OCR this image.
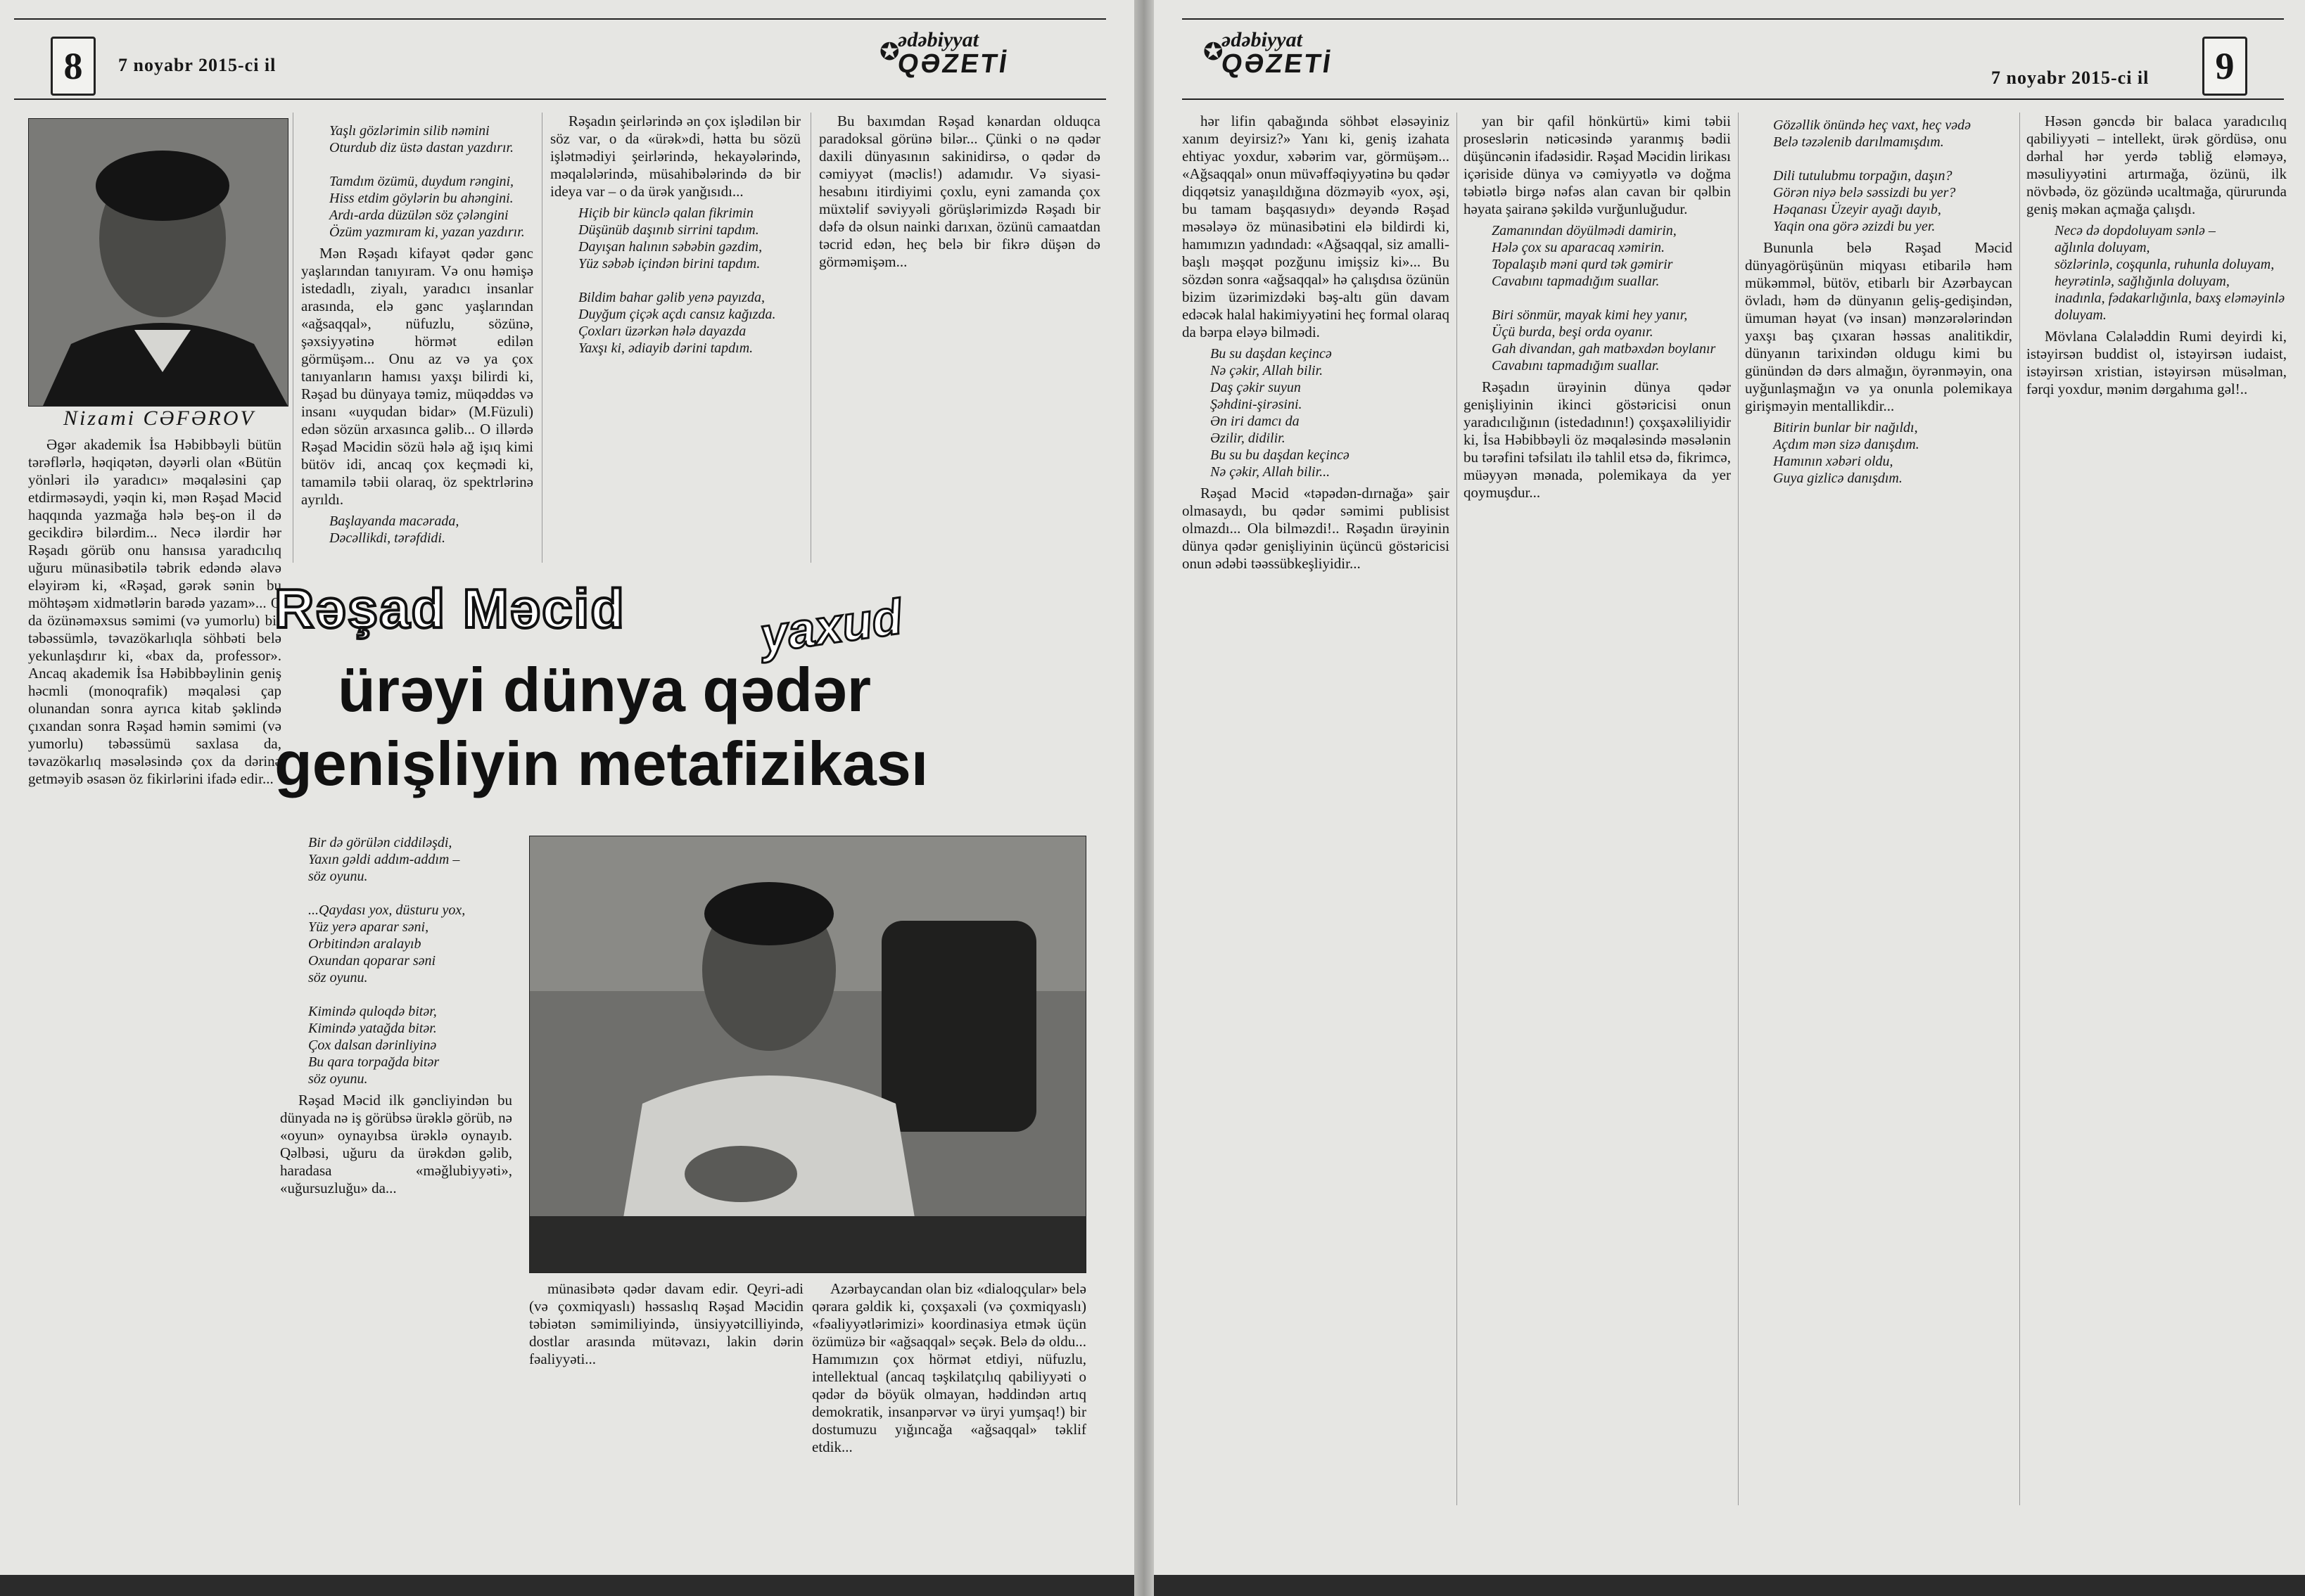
8	7 noyabr 2015-ci il	✪
ədəbiyyat
QƏZETİ
Nizami CƏFƏROV

Əgər akademik İsa Həbibbəyli bütün tərəflərlə, həqiqətən, dəyərli olan «Bütün yönləri ilə yaradıcı» məqaləsini çap etdirməsəydi, yəqin ki, mən Rəşad Məcid haqqında yazmağa hələ beş-on il də gecikdirə bilərdim... Necə ilərdir hər Rəşadı görüb onu hansısa yaradıcılıq uğuru münasibətilə təbrik edəndə əlavə eləyirəm ki, «Rəşad, gərək sənin bu möhtəşəm xidmətlərin barədə yazam»... O da özünəməxsus səmimi (və yumorlu) bir təbəssümlə, təvazökarlıqla söhbəti belə yekunlaşdırır ki, «bax da, professor». Ancaq akademik İsa Həbibbəylinin geniş həcmli (monoqrafik) məqaləsi çap olunandan sonra ayrıca kitab şəklində çıxandan sonra Rəşad həmin səmimi (və yumorlu) təbəssümü saxlasa da, təvazökarlıq məsələsində çox da dərinə getməyib əsasən öz fikirlərini ifadə edir...

Yaşlı gözlərimin silib nəmini
Oturdub diz üstə dastan yazdırır.

Tamdım özümü, duydum rəngini,
Hiss etdim göylərin bu ahəngini.
Ardı-arda düzülən söz çələngini
Özüm yazmıram ki, yazan yazdırır.

Mən Rəşadı kifayət qədər gənc yaşlarından tanıyıram. Və onu həmişə istedadlı, ziyalı, yaradıcı insanlar arasında, elə gənc yaşlarından «ağsaqqal», nüfuzlu, sözünə, şəxsiyyətinə hörmət edilən görmüşəm... Onu az və ya çox tanıyanların hamısı yaxşı bilirdi ki, Rəşad bu dünyaya təmiz, müqəddəs və insanı «uyqudan bidar» (M.Füzuli) edən sözün arxasınca gəlib... O illərdə Rəşad Məcidin sözü hələ ağ işıq kimi bütöv idi, ancaq çox keçmədi ki, tamamilə təbii olaraq, öz spektrlərinə ayrıldı.

Başlayanda macərada,
Dəcəllikdi, tərəfdidi.

Rəşadın şeirlərində ən çox işlədilən bir söz var, o da «ürək»di, hətta bu sözü işlətmədiyi şeirlərində, hekayələrində, məqalələrində, müsahibələrində də bir ideya var – o da ürək yanğısıdı...

Hiçib bir künclə qalan fikrimin
Düşünüb daşınıb sirrini tapdım.
Dayışan halının səbəbin gəzdim,
Yüz səbəb içindən birini tapdım.

Bildim bahar gəlib yenə payızda,
Duyğum çiçək açdı cansız kağızda.
Çoxları üzərkən hələ dayazda
Yaxşı ki, ədiayib dərini tapdım.

Bu baxımdan Rəşad kənardan olduqca paradoksal görünə bilər... Çünki o nə qədər daxili dünyasının sakinidirsə, o qədər də cəmiyyət (məclis!) adamıdır. Və siyasi-hesabını itirdiyimi çoxlu, eyni zamanda çox müxtəlif səviyyəli görüşlərimizdə Rəşadı bir dəfə də olsun nainki darıxan, özünü camaatdan təcrid edən, heç belə bir fikrə düşən də görməmişəm...

Rəşad Məcid	yaxud
ürəyi dünya qədər
genişliyin metafizikası
Bir də görülən ciddiləşdi,
Yaxın gəldi addım-addım –
söz oyunu.

...Qaydası yox, düsturu yox,
Yüz yerə aparar səni,
Orbitindən aralayıb
Oxundan qoparar səni
söz oyunu.

Kimində quloqdə bitər,
Kimində yatağda bitər.
Çox dalsan dərinliyinə
Bu qara torpağda bitər
söz oyunu.

Rəşad Məcid ilk gəncliyindən bu dünyada nə iş görübsə ürəklə görüb, nə «oyun» oynayıbsa ürəklə oynayıb. Qəlbəsi, uğuru da ürəkdən gəlib, haradasa «məğlubiyyəti», «uğursuzluğu» da...

münasibətə qədər davam edir. Qeyri-adi (və çoxmiqyaslı) həssaslıq Rəşad Məcidin təbiətən səmimiliyində, ünsiyyətcilliyində, dostlar arasında mütəvazı, lakin dərin fəaliyyəti...

Azərbaycandan olan biz «dialoqçular» belə qərara gəldik ki, çoxşaxəli (və çoxmiqyaslı) «fəaliyyətlərimizi» koordinasiya etmək üçün özümüzə bir «ağsaqqal» seçək. Belə də oldu... Hamımızın çox hörmət etdiyi, nüfuzlu, intellektual (ancaq təşkilatçılıq qabiliyyəti o qədər də böyük olmayan, həddindən artıq demokratik, insanpərvər və üryi yumşaq!) bir dostumuzu yığıncağa «ağsaqqal» təklif etdik...

✪
ədəbiyyat
QƏZETİ	7 noyabr 2015-ci il	9

hər lifin qabağında söhbət eləsəyiniz xanım deyirsiz?» Yanı ki, geniş izahata ehtiyac yoxdur, xəbərim var, görmüşəm... «Ağsaqqal» onun müvəffəqiyyətinə bu qədər diqqətsiz yanaşıldığına dözməyib «yox, əşi, bu tamam başqasıydı» deyəndə Rəşad məsələyə öz münasibətini elə bildirdi ki, hamımızın yadındadı: «Ağsaqqal, siz amalli-başlı məşqət pozğunu imişsiz ki»... Bu sözdən sonra «ağsaqqal» hə çalışdısa özünün bizim üzərimizdəki bəş-altı gün davam edəcək halal hakimiyyətini heç formal olaraq da bərpa eləyə bilmədi.

Bu su daşdan keçincə
Nə çəkir, Allah bilir.
Daş çəkir suyun
Şəhdini-şirəsini.
Ən iri damcı da
Əzilir, didilir.
Bu su bu daşdan keçincə
Nə çəkir, Allah bilir...

Rəşad Məcid «təpədən-dırnağa» şair olmasaydı, bu qədər səmimi publisist olmazdı... Ola bilməzdi!.. Rəşadın ürəyinin dünya qədər genişliyinin üçüncü göstəricisi onun ədəbi təəssübkeşliyidir...

yan bir qafil hönkürtü» kimi təbii proseslərin nəticəsində yaranmış bədii düşüncənin ifadəsidir. Rəşad Məcidin lirikası içəriside dünya və cəmiyyətlə və doğma təbiətlə birgə nəfəs alan cavan bir qəlbin həyata şairanə şəkildə vurğunluğudur.

Zamanından döyülmədi damirin,
Hələ çox su aparacaq xəmirin.
Topalaşıb məni qurd tək gəmirir
Cavabını tapmadığım suallar.

Biri sönmür, mayak kimi hey yanır,
Üçü burda, beşi orda oyanır.
Gah divandan, gah matbəxdən boylanır
Cavabını tapmadığım suallar.

Rəşadın ürəyinin dünya qədər genişliyinin ikinci göstəricisi onun yaradıcılığının (istedadının!) çoxşaxəliliyidir ki, İsa Həbibbəyli öz məqaləsində məsələnin bu tərəfini təfsilatı ilə tahlil etsə də, fikrimcə, müəyyən mənada, polemikaya da yer qoymuşdur...

Gözəllik önündə heç vaxt, heç vədə
Belə təzəlenib darılmamışdım.

Dili tutulubmu torpağın, daşın?
Görən niyə belə səssizdi bu yer?
Həqanası Üzeyir ayağı dayıb,
Yaqin ona görə əzizdi bu yer.

Bununla belə Rəşad Məcid dünyagörüşünün miqyası etibarilə həm mükəmməl, bütöv, etibarlı bir Azərbaycan övladı, həm də dünyanın geliş-gedişindən, ümuman həyat (və insan) mənzərələrindən yaxşı baş çıxaran həssas analitikdir, dünyanın tarixindən oldugu kimi bu günündən də dərs almağın, öyrənməyin, ona uyğunlaşmağın və ya onunla polemikaya girişməyin mentallikdir...

Bitirin bunlar bir nağıldı,
Açdım mən sizə danışdım.
Hamının xəbəri oldu,
Guya gizlicə danışdım.

Həsən gəncdə bir balaca yaradıcılıq qabiliyyəti – intellekt, ürək gördüsə, onu dərhal hər yerdə təbliğ eləməyə, məsuliyyətini artırmağa, özünü, ilk növbədə, öz gözündə ucaltmağa, qürurunda geniş məkan açmağa çalışdı.

Necə də dopdoluyam sənlə –
ağlınla doluyam,
sözlərinlə, coşqunla, ruhunla doluyam,
heyrətinlə, sağlığınla doluyam,
inadınla, fədakarlığınla, baxş eləməyinlə
doluyam.

Mövlana Cəlaləddin Rumi deyirdi ki, istəyirsən buddist ol, istəyirsən iudaist, istəyirsən xristian, istəyirsən müsəlman, fərqi yoxdur, mənim dərgahıma gəl!..
